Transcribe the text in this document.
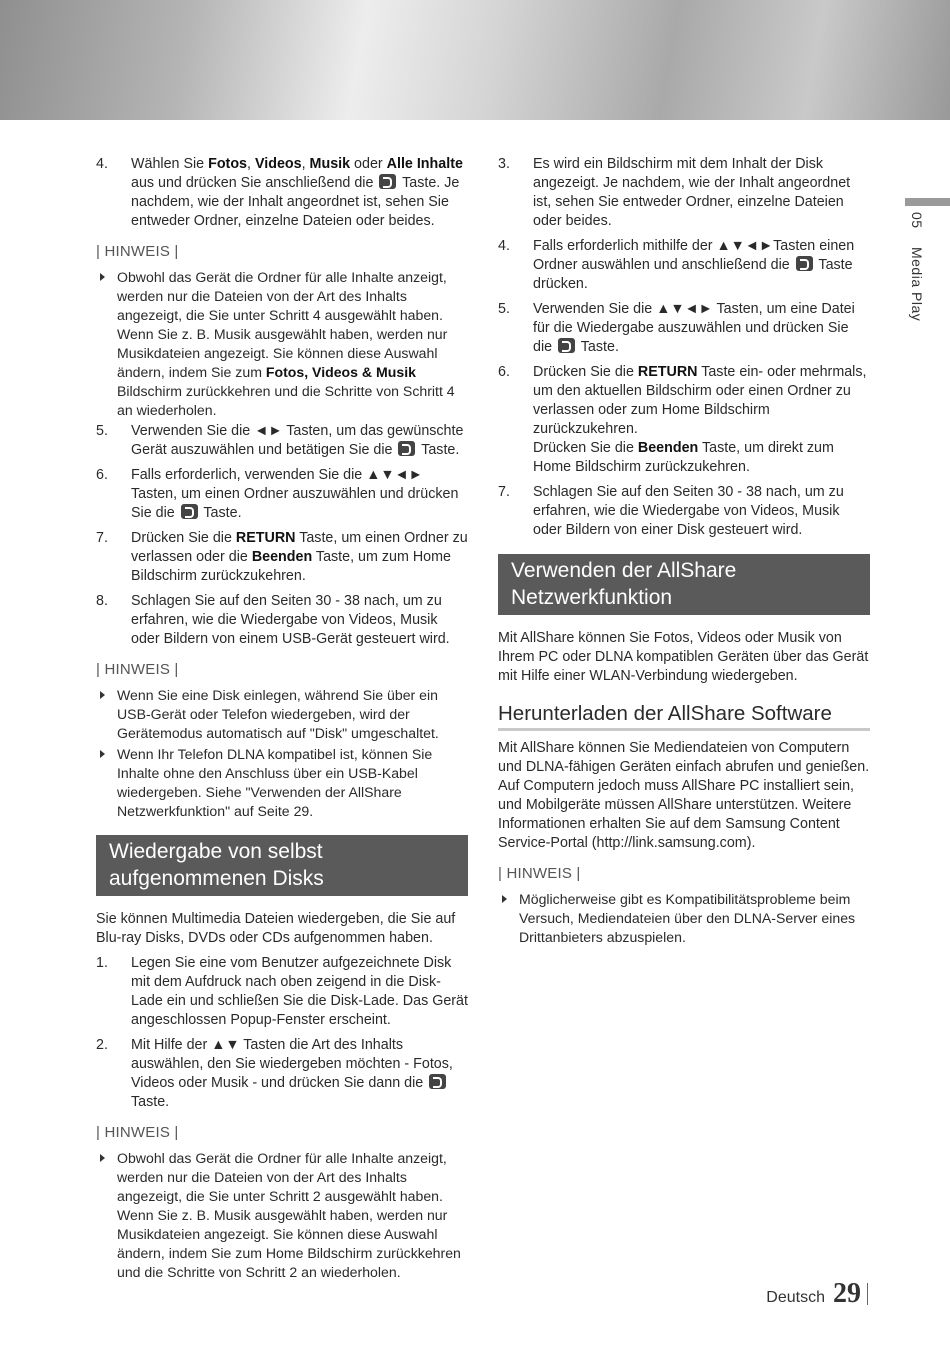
05 Media Play
4. Wählen Sie Fotos, Videos, Musik oder Alle Inhalte aus und drücken Sie anschließend die  Taste. Je nachdem, wie der Inhalt angeordnet ist, sehen Sie entweder Ordner, einzelne Dateien oder beides.
| HINWEIS |
Obwohl das Gerät die Ordner für alle Inhalte anzeigt, werden nur die Dateien von der Art des Inhalts angezeigt, die Sie unter Schritt 4 ausgewählt haben. Wenn Sie z. B. Musik ausgewählt haben, werden nur Musikdateien angezeigt. Sie können diese Auswahl ändern, indem Sie zum Fotos, Videos & Musik Bildschirm zurückkehren und die Schritte von Schritt 4 an wiederholen.
5. Verwenden Sie die ◄► Tasten, um das gewünschte Gerät auszuwählen und betätigen Sie die  Taste.
6. Falls erforderlich, verwenden Sie die ▲▼◄► Tasten, um einen Ordner auszuwählen und drücken Sie die  Taste.
7. Drücken Sie die RETURN Taste, um einen Ordner zu verlassen oder die Beenden Taste, um zum Home Bildschirm zurückzukehren.
8. Schlagen Sie auf den Seiten 30 - 38 nach, um zu erfahren, wie die Wiedergabe von Videos, Musik oder Bildern von einem USB-Gerät gesteuert wird.
| HINWEIS |
Wenn Sie eine Disk einlegen, während Sie über ein USB-Gerät oder Telefon wiedergeben, wird der Gerätemodus automatisch auf "Disk" umgeschaltet.
Wenn Ihr Telefon DLNA kompatibel ist, können Sie Inhalte ohne den Anschluss über ein USB-Kabel wiedergeben. Siehe "Verwenden der AllShare Netzwerkfunktion" auf Seite 29.
Wiedergabe von selbst aufgenommenen Disks

Sie können Multimedia Dateien wiedergeben, die Sie auf Blu-ray Disks, DVDs oder CDs aufgenommen haben.

1. Legen Sie eine vom Benutzer aufgezeichnete Disk mit dem Aufdruck nach oben zeigend in die Disk-Lade ein und schließen Sie die Disk-Lade. Das Gerät angeschlossen Popup-Fenster erscheint.
2. Mit Hilfe der ▲▼ Tasten die Art des Inhalts auswählen, den Sie wiedergeben möchten - Fotos, Videos oder Musik - und drücken Sie dann die  Taste.
| HINWEIS |
Obwohl das Gerät die Ordner für alle Inhalte anzeigt, werden nur die Dateien von der Art des Inhalts angezeigt, die Sie unter Schritt 2 ausgewählt haben. Wenn Sie z. B. Musik ausgewählt haben, werden nur Musikdateien angezeigt. Sie können diese Auswahl ändern, indem Sie zum Home Bildschirm zurückkehren und die Schritte von Schritt 2 an wiederholen.
3. Es wird ein Bildschirm mit dem Inhalt der Disk angezeigt. Je nachdem, wie der Inhalt angeordnet ist, sehen Sie entweder Ordner, einzelne Dateien oder beides.
4. Falls erforderlich mithilfe der ▲▼◄►Tasten einen Ordner auswählen und anschließend die  Taste drücken.
5. Verwenden Sie die ▲▼◄► Tasten, um eine Datei für die Wiedergabe auszuwählen und drücken Sie die  Taste.
6. Drücken Sie die RETURN Taste ein- oder mehrmals, um den aktuellen Bildschirm oder einen Ordner zu verlassen oder zum Home Bildschirm zurückzukehren.
Drücken Sie die Beenden Taste, um direkt zum Home Bildschirm zurückzukehren.
7. Schlagen Sie auf den Seiten 30 - 38 nach, um zu erfahren, wie die Wiedergabe von Videos, Musik oder Bildern von einer Disk gesteuert wird.
Verwenden der AllShare Netzwerkfunktion

Mit AllShare können Sie Fotos, Videos oder Musik von Ihrem PC oder DLNA kompatiblen Geräten über das Gerät mit Hilfe einer WLAN-Verbindung wiedergeben.

Herunterladen der AllShare Software

Mit AllShare können Sie Mediendateien von Computern und DLNA-fähigen Geräten einfach abrufen und genießen. Auf Computern jedoch muss AllShare PC installiert sein, und Mobilgeräte müssen AllShare unterstützen. Weitere Informationen erhalten Sie auf dem Samsung Content Service-Portal (http://link.samsung.com).

| HINWEIS |
Möglicherweise gibt es Kompatibilitätsprobleme beim Versuch, Mediendateien über den DLNA-Server eines Drittanbieters abzuspielen.
Deutsch 29
